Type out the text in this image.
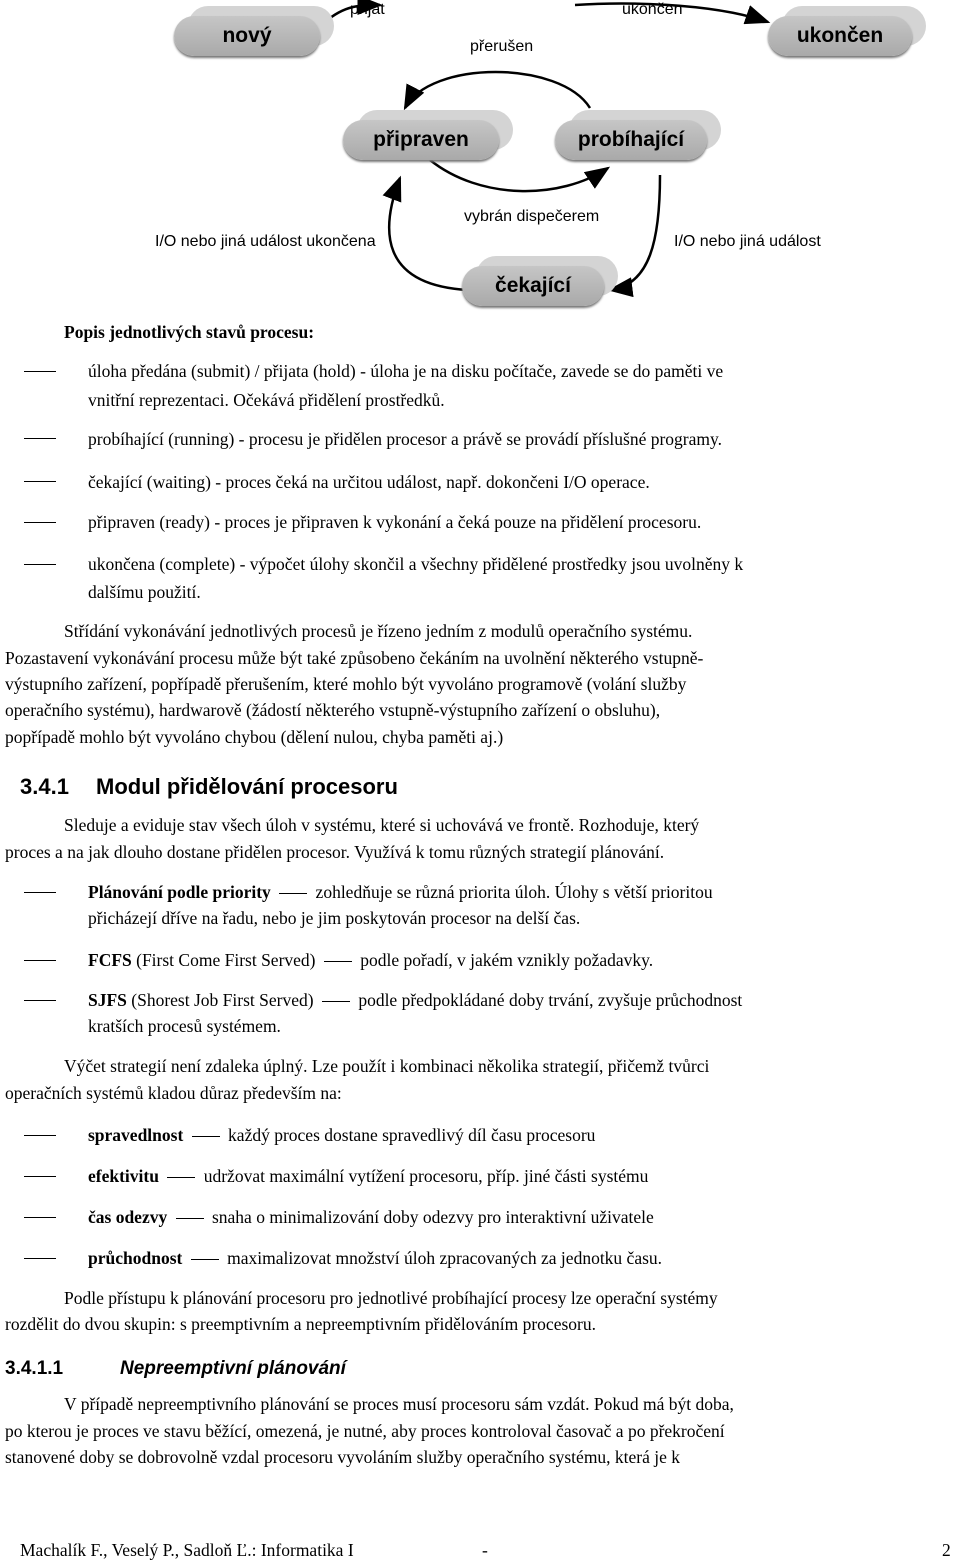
nový	ukončen
připraven	probíhající
čekající
přijat	ukončen
přerušen
vybrán dispečerem
I/O nebo jiná událost ukončena	I/O nebo jiná událost
Popis jednotlivých stavů procesu:
úloha předána (submit) / přijata (hold) - úloha je na disku počítače, zavede se do paměti ve
vnitřní reprezentaci. Očekává přidělení prostředků.
probíhající (running) - procesu je přidělen procesor a právě se provádí příslušné programy.
čekající (waiting) - proces čeká na určitou událost, např. dokončeni I/O operace.
připraven (ready) - proces je připraven k vykonání a čeká pouze na přidělení procesoru.
ukončena (complete) - výpočet úlohy skončil a všechny přidělené prostředky jsou uvolněny k
dalšímu použití.
Střídání vykonávání jednotlivých procesů je řízeno jedním z modulů operačního systému.
Pozastavení vykonávání procesu může být také způsobeno čekáním na uvolnění některého vstupně-
výstupního zařízení, popřípadě přerušením, které mohlo být vyvoláno programově (volání služby
operačního systému), hardwarově (žádostí některého vstupně-výstupního zařízení o obsluhu),
popřípadě mohlo být vyvoláno chybou (dělení nulou, chyba paměti aj.)
3.4.1 Modul přidělování procesoru
Sleduje a eviduje stav všech úloh v systému, které si uchovává ve frontě. Rozhoduje, který
proces a na jak dlouho dostane přidělen procesor. Využívá k tomu různých strategií plánování.
Plánování podle priority	zohledňuje se různá priorita úloh. Úlohy s větší prioritou
přicházejí dříve na řadu, nebo je jim poskytován procesor na delší čas.
FCFS (First Come First Served)  podle pořadí, v jakém vznikly požadavky.
SJFS (Shorest Job First Served)  podle předpokládané doby trvání, zvyšuje průchodnost
kratších procesů systémem.
Výčet strategií není zdaleka úplný. Lze použít i kombinaci několika strategií, přičemž tvůrci
operačních systémů kladou důraz především na:
spravedlnost	každý proces dostane spravedlivý díl času procesoru
efektivitu	udržovat maximální vytížení procesoru, příp. jiné části systému
čas odezvy	snaha o minimalizování doby odezvy pro interaktivní uživatele
průchodnost	maximalizovat množství úloh zpracovaných za jednotku času.
Podle přístupu k plánování procesoru pro jednotlivé probíhající procesy lze operační systémy
rozdělit do dvou skupin: s preemptivním a nepreemptivním přidělováním procesoru.
3.4.1.1	Nepreemptivní plánování
V případě nepreemptivního plánování se proces musí procesoru sám vzdát. Pokud má být doba,
po kterou je proces ve stavu běžící, omezená, je nutné, aby proces kontroloval časovač a po překročení
stanovené doby se dobrovolně vzdal procesoru vyvoláním služby operačního systému, která je k
Machalík F., Veselý P., Sadloň Ľ.: Informatika I	-	2
